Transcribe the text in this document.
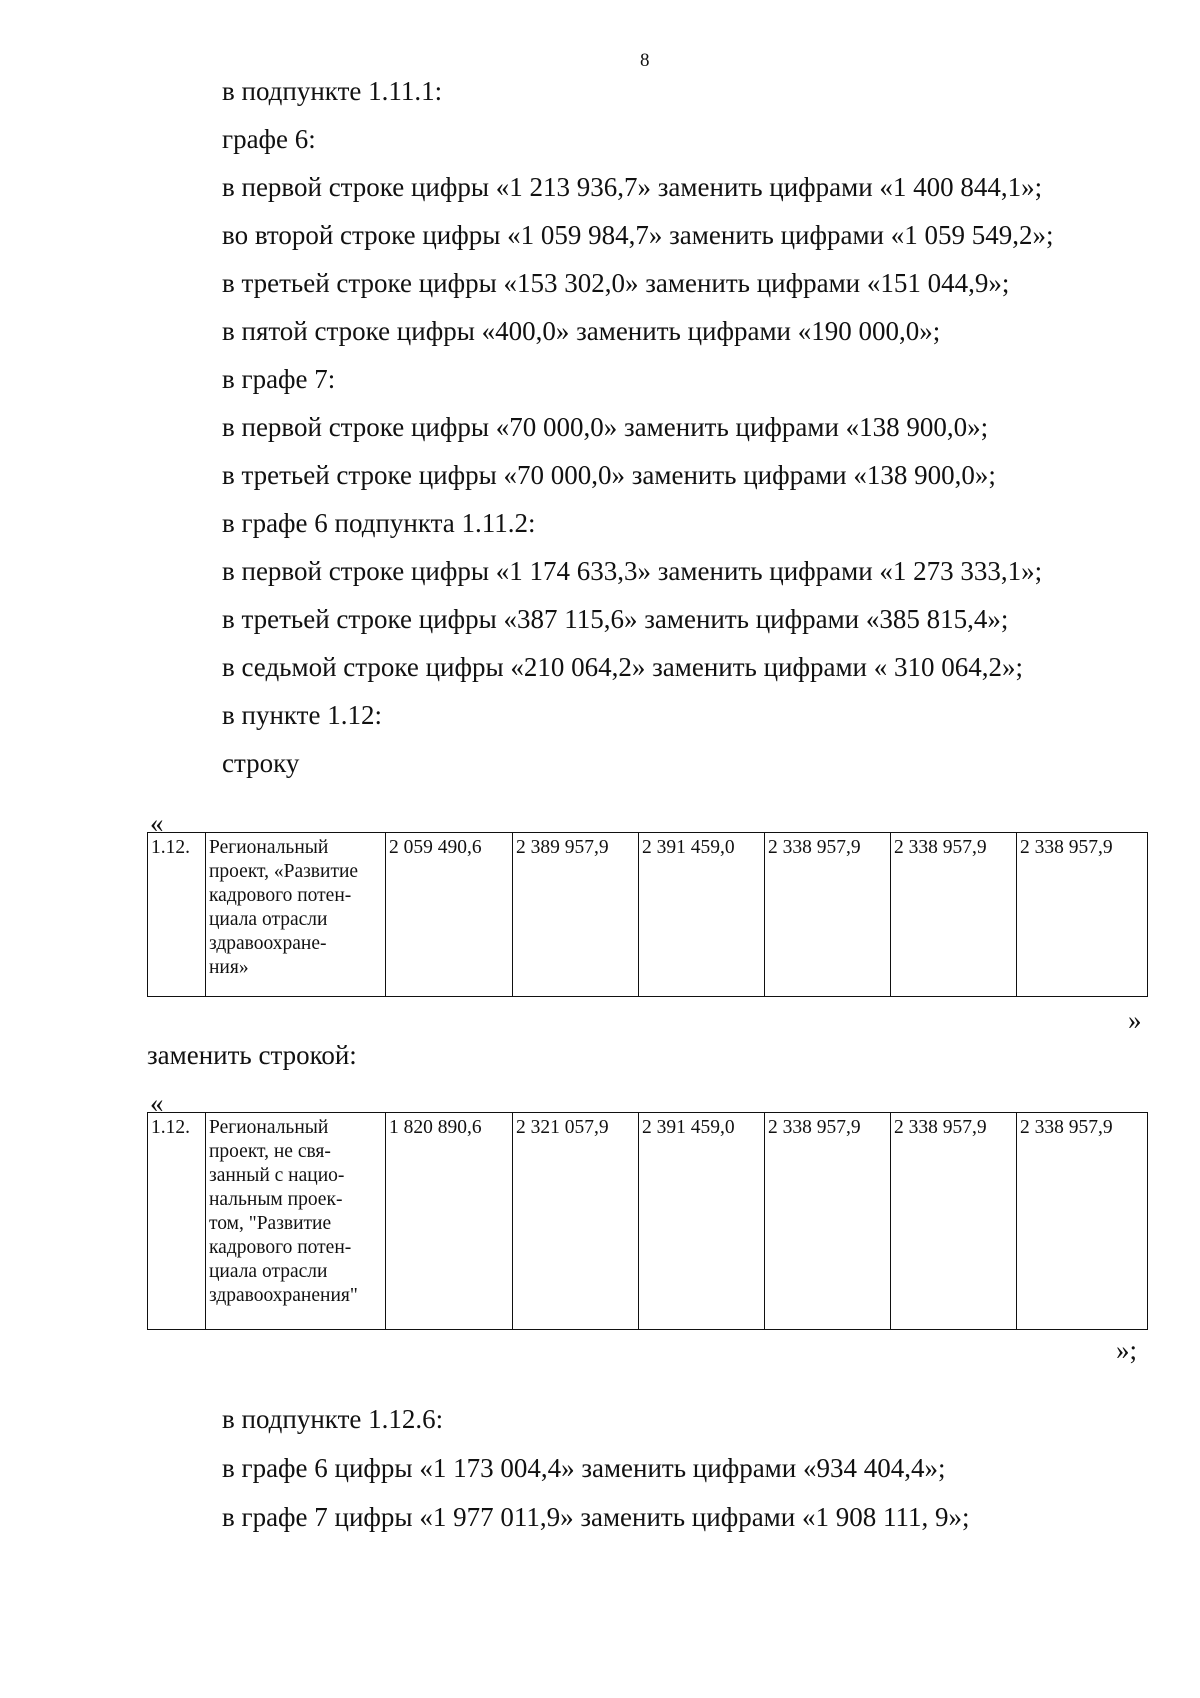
8
в подпункте 1.11.1:
графе 6:
в первой строке цифры «1 213 936,7» заменить цифрами «1 400 844,1»;
во второй строке цифры «1 059 984,7» заменить цифрами «1 059 549,2»;
в третьей строке цифры «153 302,0» заменить цифрами «151 044,9»;
в пятой строке цифры «400,0» заменить цифрами «190 000,0»;
в графе 7:
в первой строке цифры «70 000,0» заменить цифрами «138 900,0»;
в третьей строке цифры «70 000,0» заменить цифрами «138 900,0»;
в графе 6 подпункта 1.11.2:
в первой строке цифры «1 174 633,3» заменить цифрами «1 273 333,1»;
в третьей строке цифры «387 115,6» заменить цифрами «385 815,4»;
в седьмой строке цифры «210 064,2» заменить цифрами « 310 064,2»;
в пункте 1.12:
строку
«
1.12.	Региональный
проект, «Развитие
кадрового потен-
циала отрасли
здравоохране-
ния»	2 059 490,6	2 389 957,9	2 391 459,0	2 338 957,9	2 338 957,9	2 338 957,9
»
заменить строкой:
«
1.12.	Региональный
проект, не свя-
занный с нацио-
нальным проек-
том, "Развитие
кадрового потен-
циала отрасли
здравоохранения"	1 820 890,6	2 321 057,9	2 391 459,0	2 338 957,9	2 338 957,9	2 338 957,9
»;
в подпункте 1.12.6:
в графе 6 цифры «1 173 004,4» заменить цифрами «934 404,4»;
в графе 7 цифры «1 977 011,9» заменить цифрами «1 908 111, 9»;
